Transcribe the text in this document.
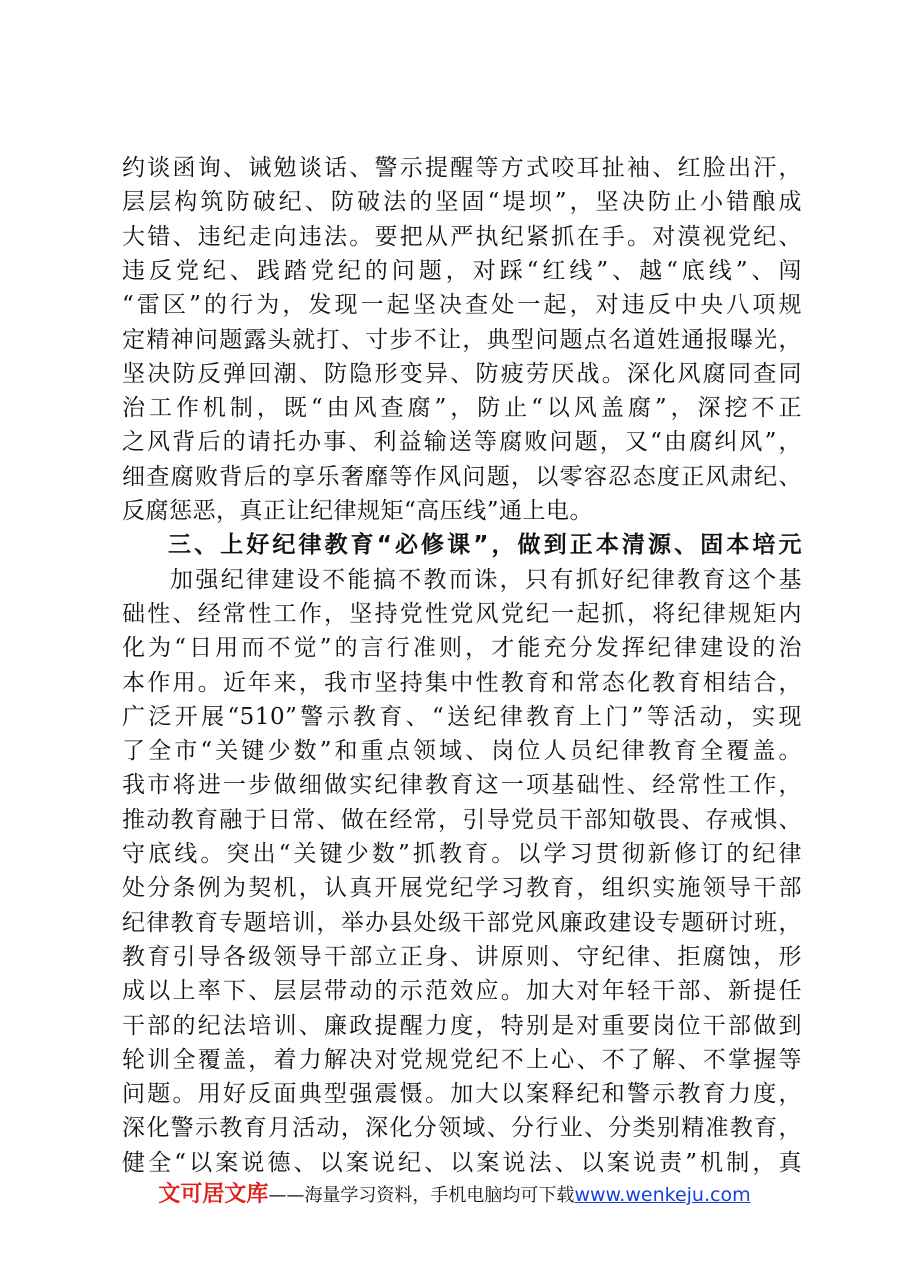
约谈函询、诫勉谈话、警示提醒等方式咬耳扯袖、红脸出汗，
层层构筑防破纪、防破法的坚固“堤坝”，坚决防止小错酿成
大错、违纪走向违法。要把从严执纪紧抓在手。对漠视党纪、
违反党纪、践踏党纪的问题，对踩“红线”、越“底线”、闯
“雷区”的行为，发现一起坚决查处一起，对违反中央八项规
定精神问题露头就打、寸步不让，典型问题点名道姓通报曝光，
坚决防反弹回潮、防隐形变异、防疲劳厌战。深化风腐同查同
治工作机制，既“由风查腐”，防止“以风盖腐”，深挖不正
之风背后的请托办事、利益输送等腐败问题，又“由腐纠风”，
细查腐败背后的享乐奢靡等作风问题，以零容忍态度正风肃纪、
反腐惩恶，真正让纪律规矩“高压线”通上电。
三、上好纪律教育“必修课”，做到正本清源、固本培元
加强纪律建设不能搞不教而诛，只有抓好纪律教育这个基
础性、经常性工作，坚持党性党风党纪一起抓，将纪律规矩内
化为“日用而不觉”的言行准则，才能充分发挥纪律建设的治
本作用。近年来，我市坚持集中性教育和常态化教育相结合，
广泛开展“510”警示教育、“送纪律教育上门”等活动，实现
了全市“关键少数”和重点领域、岗位人员纪律教育全覆盖。
我市将进一步做细做实纪律教育这一项基础性、经常性工作，
推动教育融于日常、做在经常，引导党员干部知敬畏、存戒惧、
守底线。突出“关键少数”抓教育。以学习贯彻新修订的纪律
处分条例为契机，认真开展党纪学习教育，组织实施领导干部
纪律教育专题培训，举办县处级干部党风廉政建设专题研讨班，
教育引导各级领导干部立正身、讲原则、守纪律、拒腐蚀，形
成以上率下、层层带动的示范效应。加大对年轻干部、新提任
干部的纪法培训、廉政提醒力度，特别是对重要岗位干部做到
轮训全覆盖，着力解决对党规党纪不上心、不了解、不掌握等
问题。用好反面典型强震慑。加大以案释纪和警示教育力度，
深化警示教育月活动，深化分领域、分行业、分类别精准教育，
健全“以案说德、以案说纪、以案说法、以案说责”机制，真
文可居文库——海量学习资料，手机电脑均可下载www.wenkeju.com
